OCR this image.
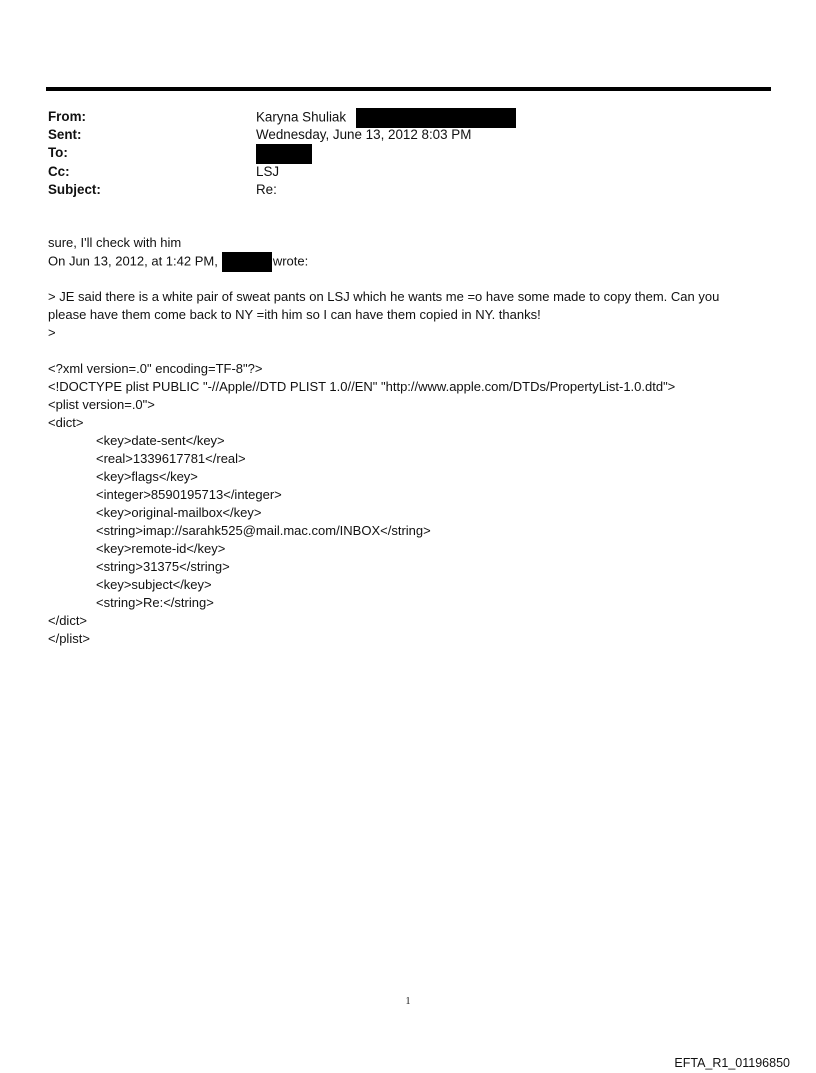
From:	Karyna Shuliak
Sent:	Wednesday, June 13, 2012 8:03 PM
To:
Cc:	LSJ
Subject:	Re:
sure, I'll check with him
On Jun 13, 2012, at 1:42 PM,	wrote:
> JE said there is a white pair of sweat pants on LSJ which he wants me =o have some made to copy them. Can you
please have them come back to NY =ith him so I can have them copied in NY. thanks!
>
<?xml version=.0" encoding=TF-8"?>
<!DOCTYPE plist PUBLIC "-//Apple//DTD PLIST 1.0//EN" "http://www.apple.com/DTDs/PropertyList-1.0.dtd">
<plist version=.0">
<dict>
<key>date-sent</key>
<real>1339617781</real>
<key>flags</key>
<integer>8590195713</integer>
<key>original-mailbox</key>
<string>imap://sarahk525@mail.mac.com/INBOX</string>
<key>remote-id</key>
<string>31375</string>
<key>subject</key>
<string>Re:</string>
</dict>
</plist>
1
EFTA_R1_01196850
